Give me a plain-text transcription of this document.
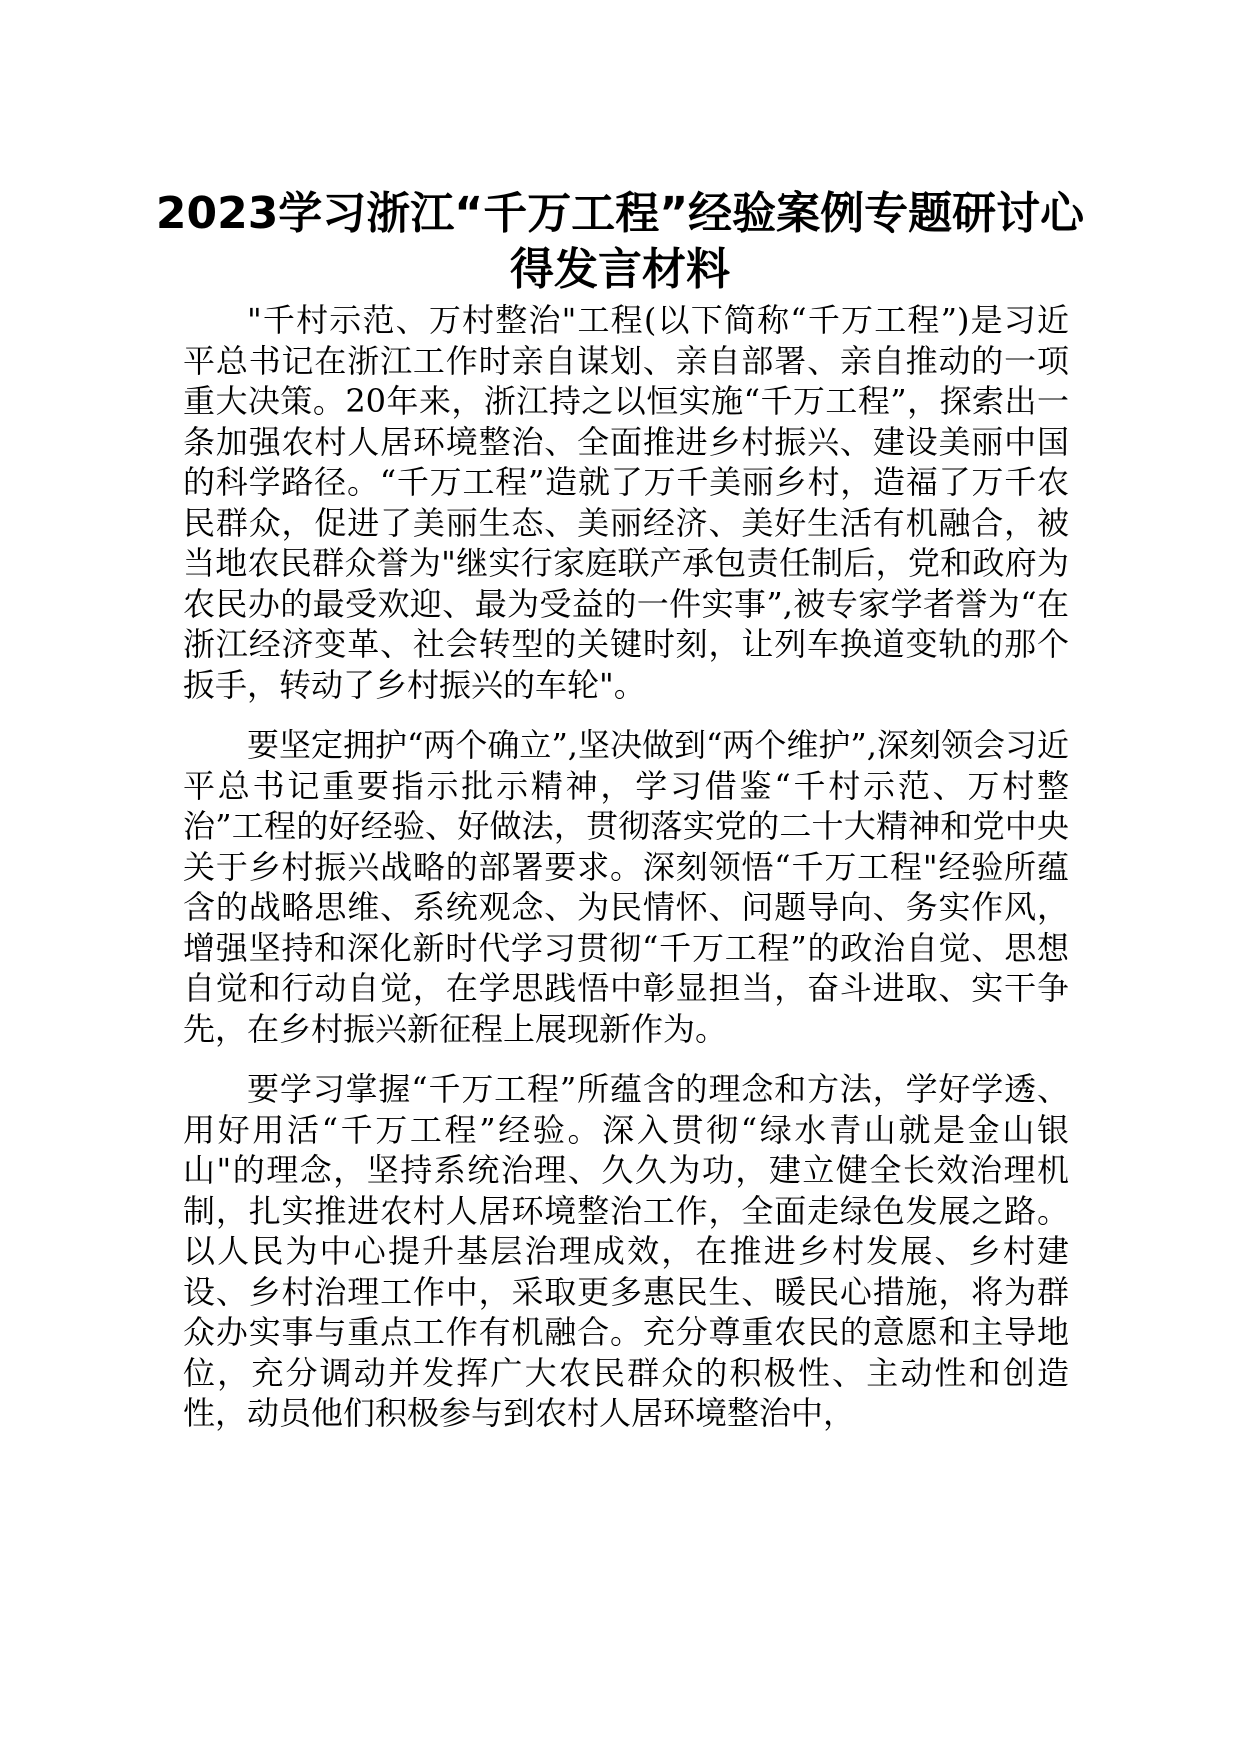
2023学习浙江“千万工程”经验案例专题研讨心得发言材料

"千村示范、万村整治"工程(以下简称“千万工程”)是习近平总书记在浙江工作时亲自谋划、亲自部署、亲自推动的一项重大决策。20年来，浙江持之以恒实施“千万工程”，探索出一条加强农村人居环境整治、全面推进乡村振兴、建设美丽中国的科学路径。“千万工程”造就了万千美丽乡村，造福了万千农民群众，促进了美丽生态、美丽经济、美好生活有机融合，被当地农民群众誉为"继实行家庭联产承包责任制后，党和政府为农民办的最受欢迎、最为受益的一件实事”,被专家学者誉为“在浙江经济变革、社会转型的关键时刻，让列车换道变轨的那个扳手，转动了乡村振兴的车轮"。

要坚定拥护“两个确立”,坚决做到“两个维护”,深刻领会习近平总书记重要指示批示精神，学习借鉴“千村示范、万村整治”工程的好经验、好做法，贯彻落实党的二十大精神和党中央关于乡村振兴战略的部署要求。深刻领悟“千万工程"经验所蕴含的战略思维、系统观念、为民情怀、问题导向、务实作风，增强坚持和深化新时代学习贯彻“千万工程”的政治自觉、思想自觉和行动自觉，在学思践悟中彰显担当，奋斗进取、实干争先，在乡村振兴新征程上展现新作为。

要学习掌握“千万工程”所蕴含的理念和方法，学好学透、用好用活“千万工程”经验。深入贯彻“绿水青山就是金山银山"的理念，坚持系统治理、久久为功，建立健全长效治理机制，扎实推进农村人居环境整治工作，全面走绿色发展之路。以人民为中心提升基层治理成效，在推进乡村发展、乡村建设、乡村治理工作中，采取更多惠民生、暖民心措施，将为群众办实事与重点工作有机融合。充分尊重农民的意愿和主导地位，充分调动并发挥广大农民群众的积极性、主动性和创造性，动员他们积极参与到农村人居环境整治中，
